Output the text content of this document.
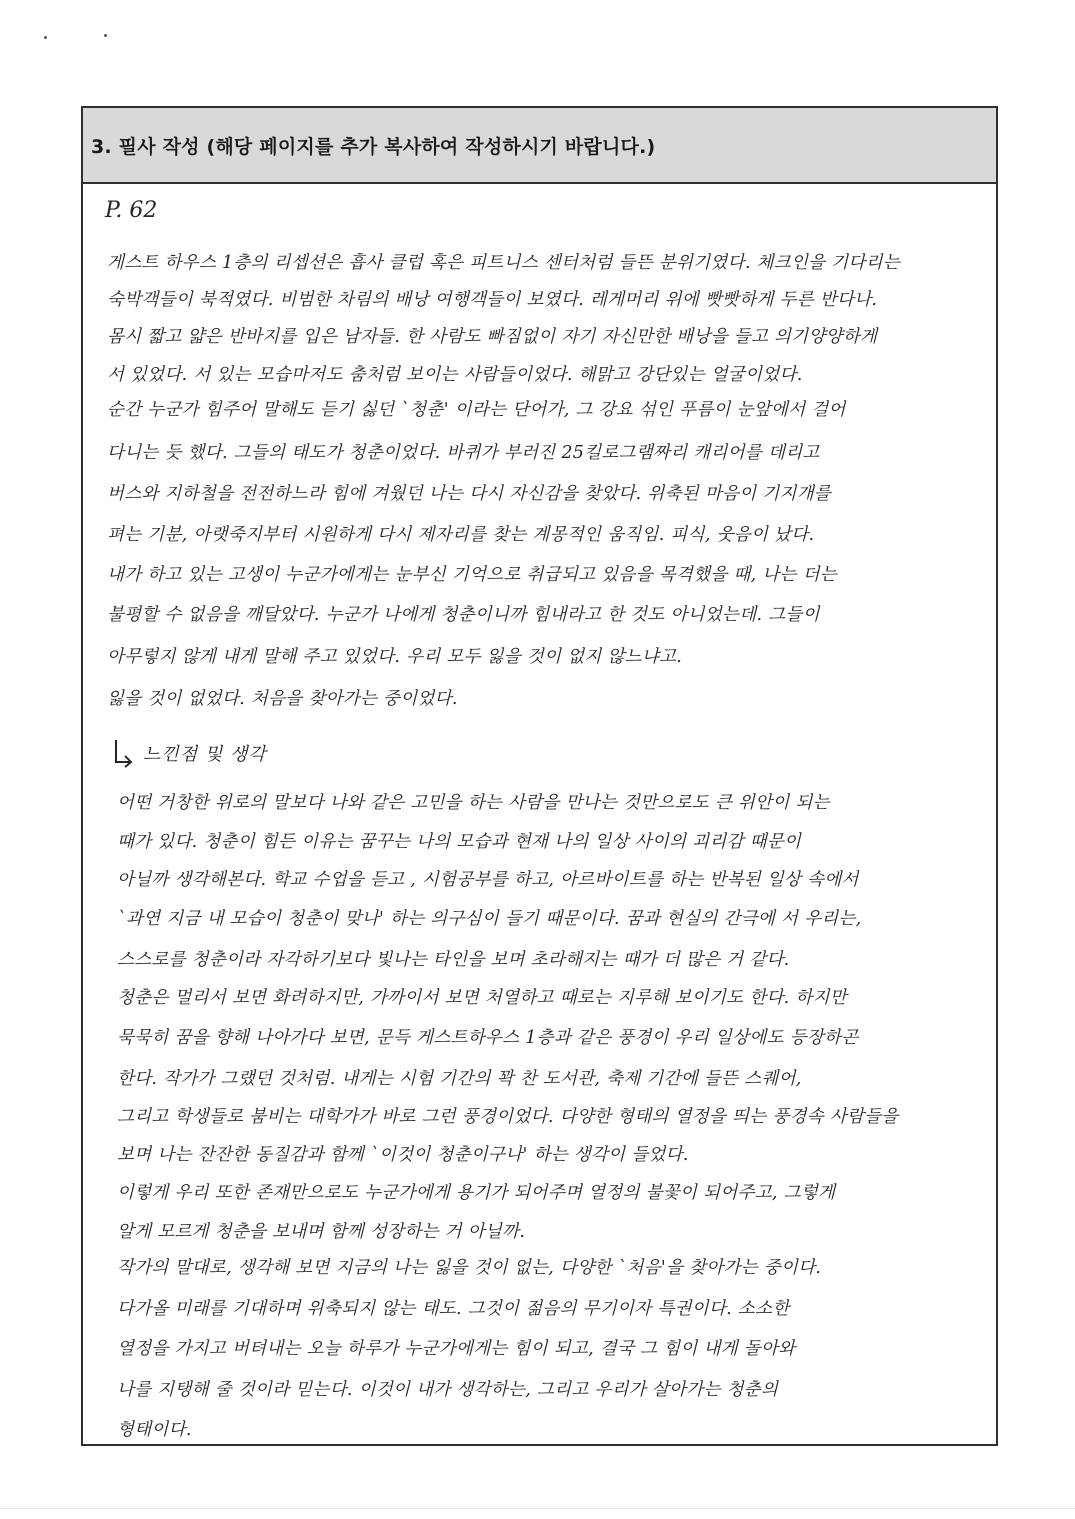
3. 필사 작성 (해당 페이지를 추가 복사하여 작성하시기 바랍니다.)
P. 62
게스트 하우스 1층의 리셉션은 흡사 클럽 혹은 피트니스 센터처럼 들뜬 분위기였다. 체크인을 기다리는
숙박객들이 북적였다. 비범한 차림의 배낭 여행객들이 보였다. 레게머리 위에 빳빳하게 두른 반다나.
몸시 짧고 얇은 반바지를 입은 남자들. 한 사람도 빠짐없이 자기 자신만한 배낭을 들고 의기양양하게
서 있었다. 서 있는 모습마저도 춤처럼 보이는 사람들이었다. 해맑고 강단있는 얼굴이었다.
순간 누군가 힘주어 말해도 듣기 싫던 `청춘' 이라는 단어가, 그 강요 섞인 푸름이 눈앞에서 걸어
다니는 듯 했다. 그들의 태도가 청춘이었다. 바퀴가 부러진 25킬로그램짜리 캐리어를 데리고
버스와 지하철을 전전하느라 힘에 겨웠던 나는 다시 자신감을 찾았다. 위축된 마음이 기지개를
펴는 기분, 아랫죽지부터 시원하게 다시 제자리를 찾는 계몽적인 움직임. 피식, 웃음이 났다.
내가 하고 있는 고생이 누군가에게는 눈부신 기억으로 취급되고 있음을 목격했을 때, 나는 더는
불평할 수 없음을 깨달았다. 누군가 나에게 청춘이니까 힘내라고 한 것도 아니었는데. 그들이
아무렇지 않게 내게 말해 주고 있었다. 우리 모두 잃을 것이 없지 않느냐고.
잃을 것이 없었다. 처음을 찾아가는 중이었다.
느낀점 및 생각
어떤 거창한 위로의 말보다 나와 같은 고민을 하는 사람을 만나는 것만으로도 큰 위안이 되는
때가 있다. 청춘이 힘든 이유는 꿈꾸는 나의 모습과 현재 나의 일상 사이의 괴리감 때문이
아닐까 생각해본다. 학교 수업을 듣고 , 시험공부를 하고, 아르바이트를 하는 반복된 일상 속에서
`과연 지금 내 모습이 청춘이 맞나' 하는 의구심이 들기 때문이다. 꿈과 현실의 간극에 서 우리는,
스스로를 청춘이라 자각하기보다 빛나는 타인을 보며 초라해지는 때가 더 많은 거 같다.
청춘은 멀리서 보면 화려하지만, 가까이서 보면 처열하고 때로는 지루해 보이기도 한다. 하지만
묵묵히 꿈을 향해 나아가다 보면, 문득 게스트하우스 1층과 같은 풍경이 우리 일상에도 등장하곤
한다. 작가가 그랬던 것처럼. 내게는 시험 기간의 꽉 찬 도서관, 축제 기간에 들뜬 스퀘어,
그리고 학생들로 붐비는 대학가가 바로 그런 풍경이었다. 다양한 형태의 열정을 띄는 풍경속 사람들을
보며 나는 잔잔한 동질감과 함께 `이것이 청춘이구나' 하는 생각이 들었다.
이렇게 우리 또한 존재만으로도 누군가에게 용기가 되어주며 열정의 불꽃이 되어주고, 그렇게
알게 모르게 청춘을 보내며 함께 성장하는 거 아닐까.
작가의 말대로, 생각해 보면 지금의 나는 잃을 것이 없는, 다양한 `처음'을 찾아가는 중이다.
다가올 미래를 기대하며 위축되지 않는 태도. 그것이 젊음의 무기이자 특권이다. 소소한
열정을 가지고 버텨내는 오늘 하루가 누군가에게는 힘이 되고, 결국 그 힘이 내게 돌아와
나를 지탱해 줄 것이라 믿는다. 이것이 내가 생각하는, 그리고 우리가 살아가는 청춘의
형태이다.
